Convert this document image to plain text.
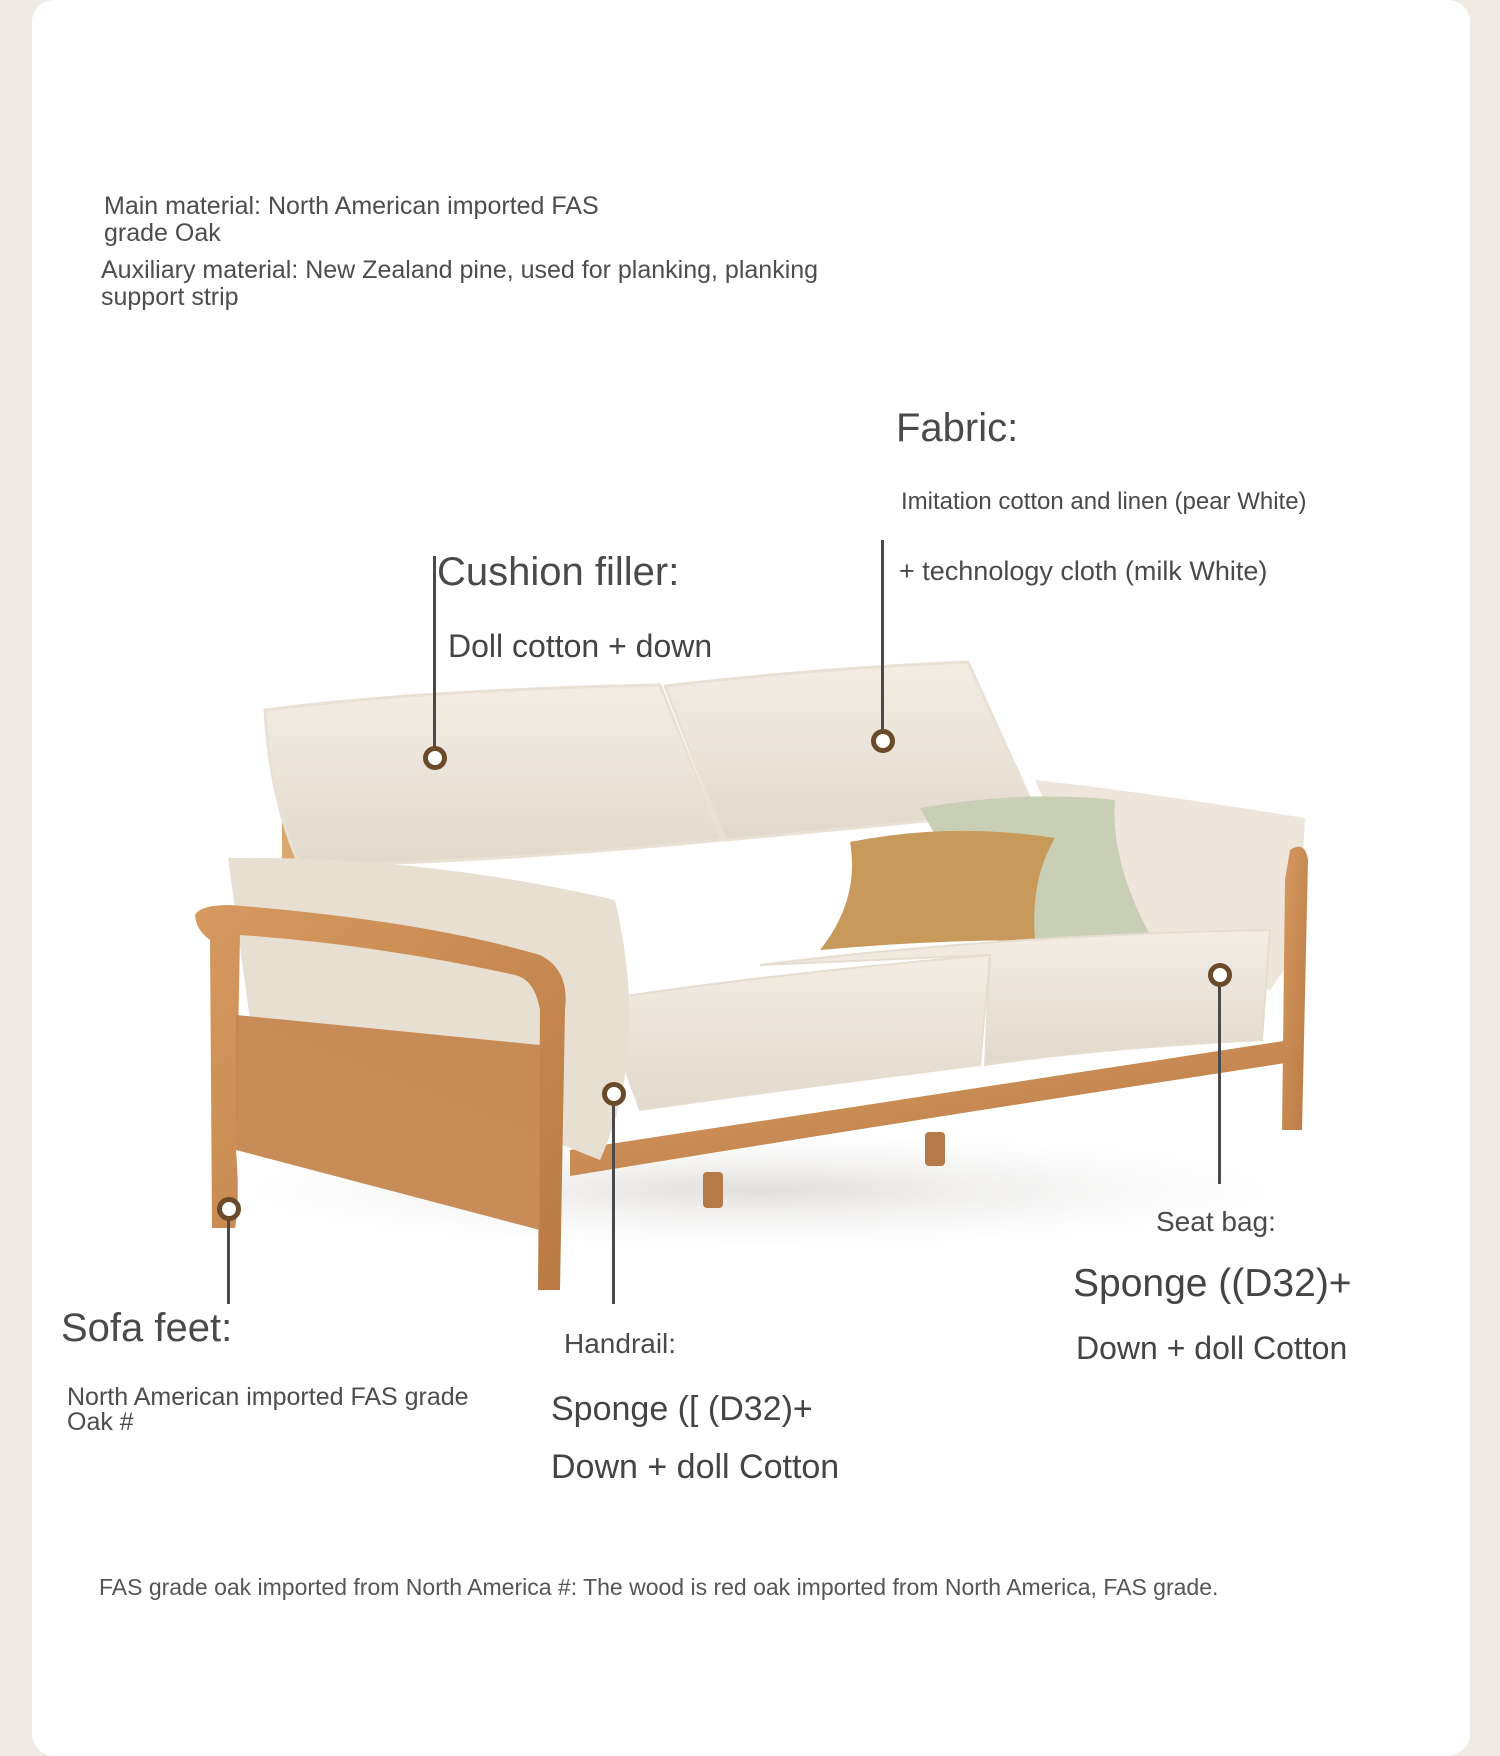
Main material: North American imported FAS

grade Oak

Auxiliary material: New Zealand pine, used for planking, planking

support strip

Fabric:

Imitation cotton and linen (pear White)

+ technology cloth (milk White)

Cushion filler:

Doll cotton + down

Seat bag:

Sponge ((D32)+

Down + doll Cotton

Sofa feet:

North American imported FAS grade

Oak #

Handrail:

Sponge ([ (D32)+

Down + doll Cotton

FAS grade oak imported from North America #: The wood is red oak imported from North America, FAS grade.
